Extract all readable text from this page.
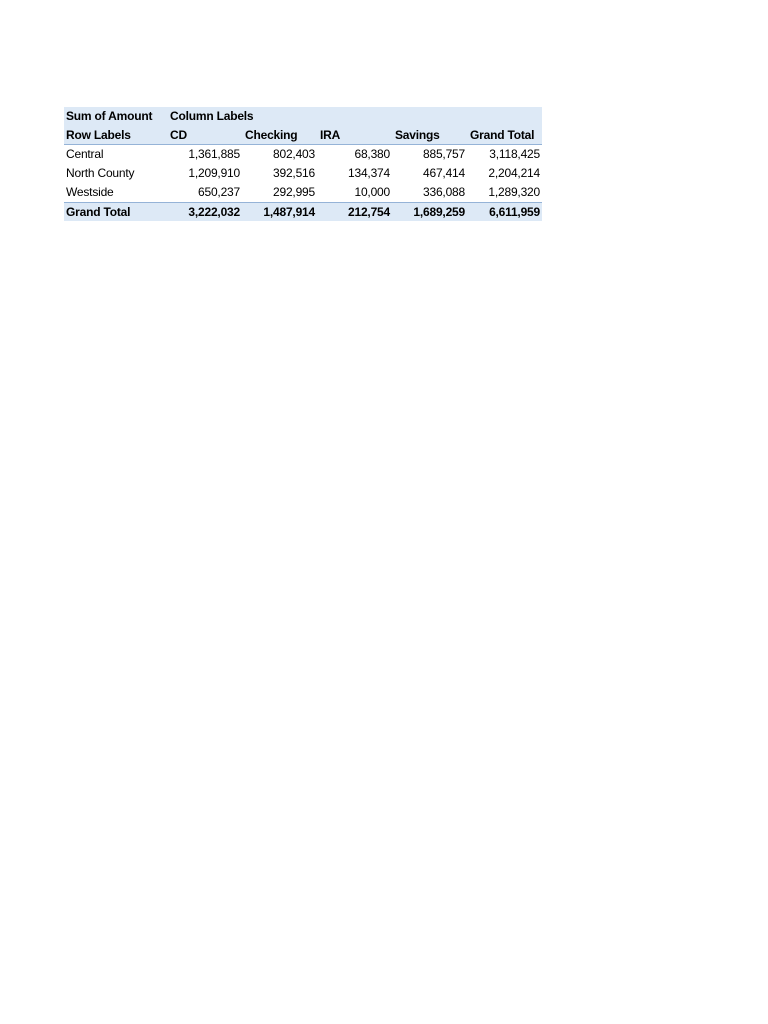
Sum of Amount	Column Labels
Row Labels	CD	Checking	IRA	Savings	Grand Total
Central	1,361,885	802,403	68,380	885,757	3,118,425
North County	1,209,910	392,516	134,374	467,414	2,204,214
Westside	650,237	292,995	10,000	336,088	1,289,320
Grand Total	3,222,032	1,487,914	212,754	1,689,259	6,611,959
